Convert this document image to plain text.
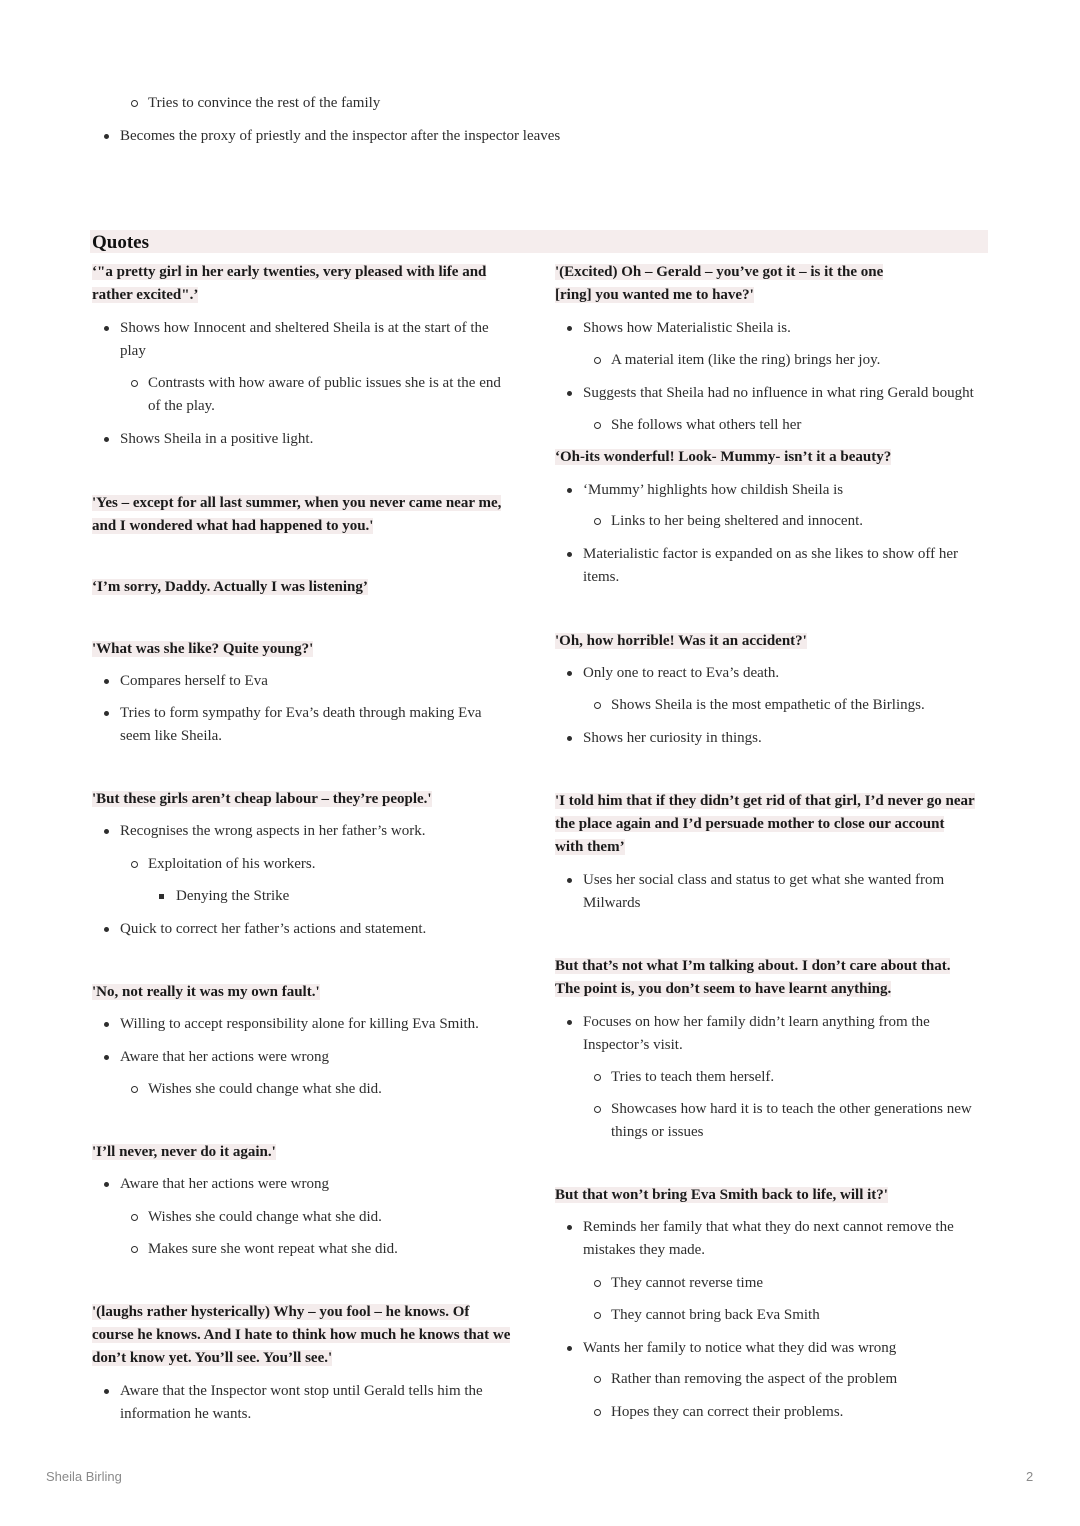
Tries to convince the rest of the family
Becomes the proxy of priestly and the inspector after the inspector leaves
Quotes
‘"a pretty girl in her early twenties, very pleased with life and
rather excited".’
Shows how Innocent and sheltered Sheila is at the start of the
play
Contrasts with how aware of public issues she is at the end
of the play.
Shows Sheila in a positive light.
'Yes – except for all last summer, when you never came near me,
and I wondered what had happened to you.'
‘I’m sorry, Daddy. Actually I was listening’
'What was she like? Quite young?'
Compares herself to Eva
Tries to form sympathy for Eva’s death through making Eva
seem like Sheila.
'But these girls aren’t cheap labour – they’re people.'
Recognises the wrong aspects in her father’s work.
Exploitation of his workers.
Denying the Strike
Quick to correct her father’s actions and statement.
'No, not really it was my own fault.'
Willing to accept responsibility alone for killing Eva Smith.
Aware that her actions were wrong
Wishes she could change what she did.
'I’ll never, never do it again.'
Aware that her actions were wrong
Wishes she could change what she did.
Makes sure she wont repeat what she did.
'(laughs rather hysterically) Why – you fool – he knows. Of
course he knows. And I hate to think how much he knows that we
don’t know yet. You’ll see. You’ll see.'
Aware that the Inspector wont stop until Gerald tells him the
information he wants.
'(Excited) Oh – Gerald – you’ve got it – is it the one
[ring] you wanted me to have?'
Shows how Materialistic Sheila is.
A material item (like the ring) brings her joy.
Suggests that Sheila had no influence in what ring Gerald bought
She follows what others tell her
‘Oh-its wonderful! Look- Mummy- isn’t it a beauty?
‘Mummy’ highlights how childish Sheila is
Links to her being sheltered and innocent.
Materialistic factor is expanded on as she likes to show off her
items.
'Oh, how horrible! Was it an accident?'
Only one to react to Eva’s death.
Shows Sheila is the most empathetic of the Birlings.
Shows her curiosity in things.
'I told him that if they didn’t get rid of that girl, I’d never go near
the place again and I’d persuade mother to close our account
with them’
Uses her social class and status to get what she wanted from
Milwards
But that’s not what I’m talking about. I don’t care about that.
The point is, you don’t seem to have learnt anything.
Focuses on how her family didn’t learn anything from the
Inspector’s visit.
Tries to teach them herself.
Showcases how hard it is to teach the other generations new
things or issues
But that won’t bring Eva Smith back to life, will it?'
Reminds her family that what they do next cannot remove the
mistakes they made.
They cannot reverse time
They cannot bring back Eva Smith
Wants her family to notice what they did was wrong
Rather than removing the aspect of the problem
Hopes they can correct their problems.
Sheila Birling	2
